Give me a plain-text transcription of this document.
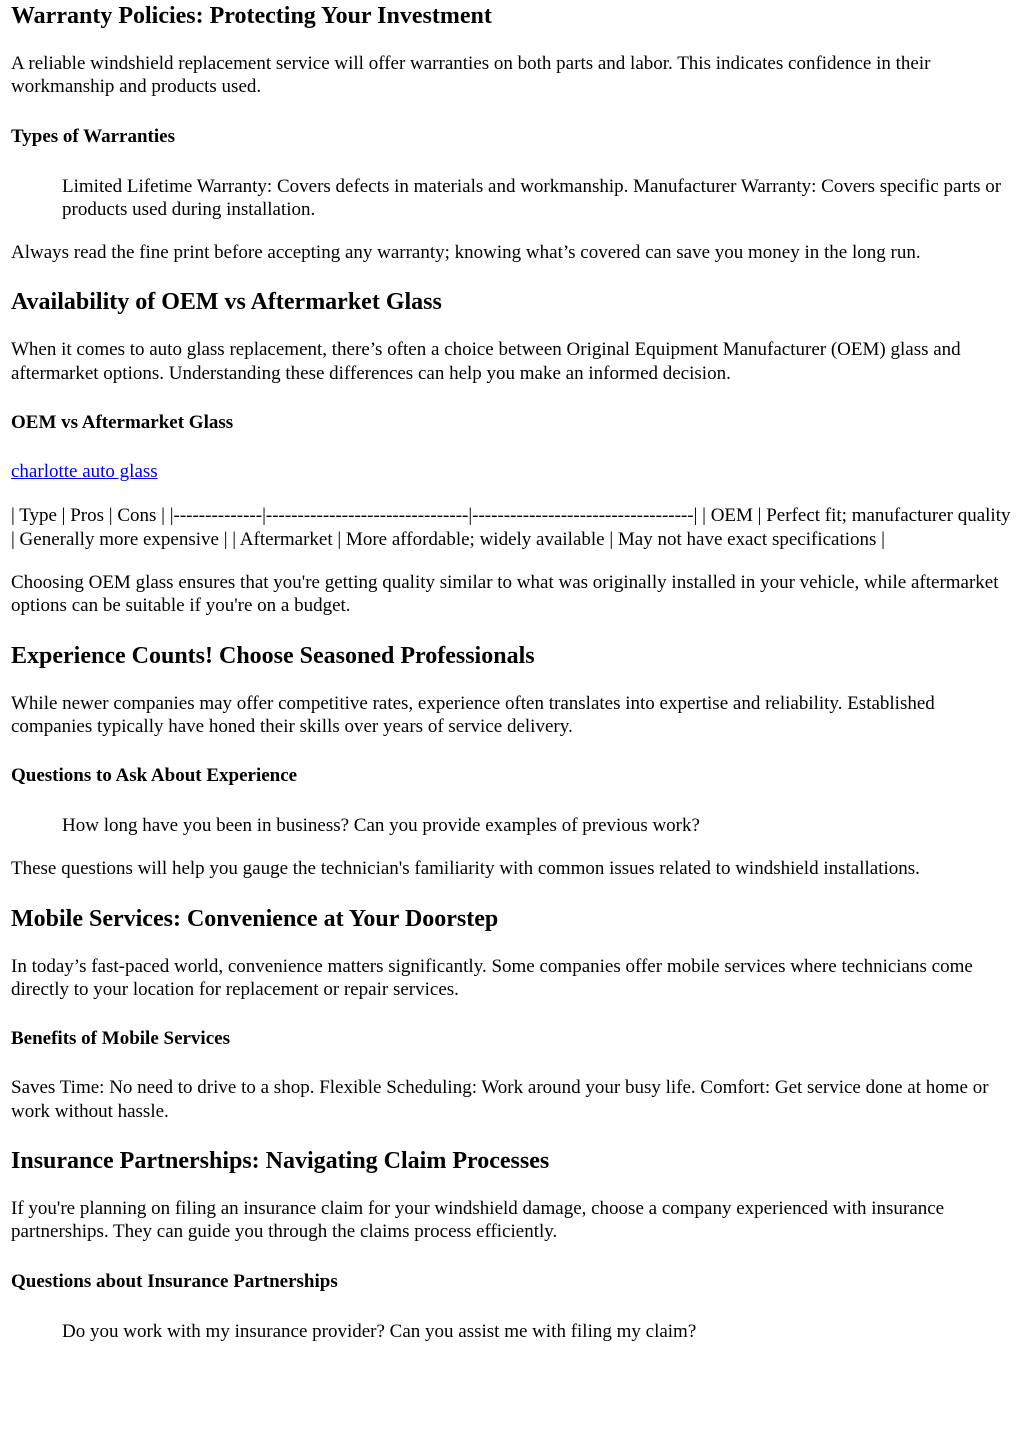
Warranty Policies: Protecting Your Investment

A reliable windshield replacement service will offer warranties on both parts and labor. This indicates confidence in their workmanship and products used.

Types of Warranties
Limited Lifetime Warranty: Covers defects in materials and workmanship. Manufacturer Warranty: Covers specific parts or products used during installation.

Always read the fine print before accepting any warranty; knowing what’s covered can save you money in the long run.

Availability of OEM vs Aftermarket Glass

When it comes to auto glass replacement, there’s often a choice between Original Equipment Manufacturer (OEM) glass and aftermarket options. Understanding these differences can help you make an informed decision.

OEM vs Aftermarket Glass

charlotte auto glass

| Type | Pros | Cons | |--------------|--------------------------------|-----------------------------------| | OEM | Perfect fit; manufacturer quality | Generally more expensive | | Aftermarket | More affordable; widely available | May not have exact specifications |

Choosing OEM glass ensures that you're getting quality similar to what was originally installed in your vehicle, while aftermarket options can be suitable if you're on a budget.

Experience Counts! Choose Seasoned Professionals

While newer companies may offer competitive rates, experience often translates into expertise and reliability. Established companies typically have honed their skills over years of service delivery.

Questions to Ask About Experience
How long have you been in business? Can you provide examples of previous work?

These questions will help you gauge the technician's familiarity with common issues related to windshield installations.

Mobile Services: Convenience at Your Doorstep

In today’s fast-paced world, convenience matters significantly. Some companies offer mobile services where technicians come directly to your location for replacement or repair services.

Benefits of Mobile Services

Saves Time: No need to drive to a shop. Flexible Scheduling: Work around your busy life. Comfort: Get service done at home or work without hassle.

Insurance Partnerships: Navigating Claim Processes

If you're planning on filing an insurance claim for your windshield damage, choose a company experienced with insurance partnerships. They can guide you through the claims process efficiently.

Questions about Insurance Partnerships
Do you work with my insurance provider? Can you assist me with filing my claim?
